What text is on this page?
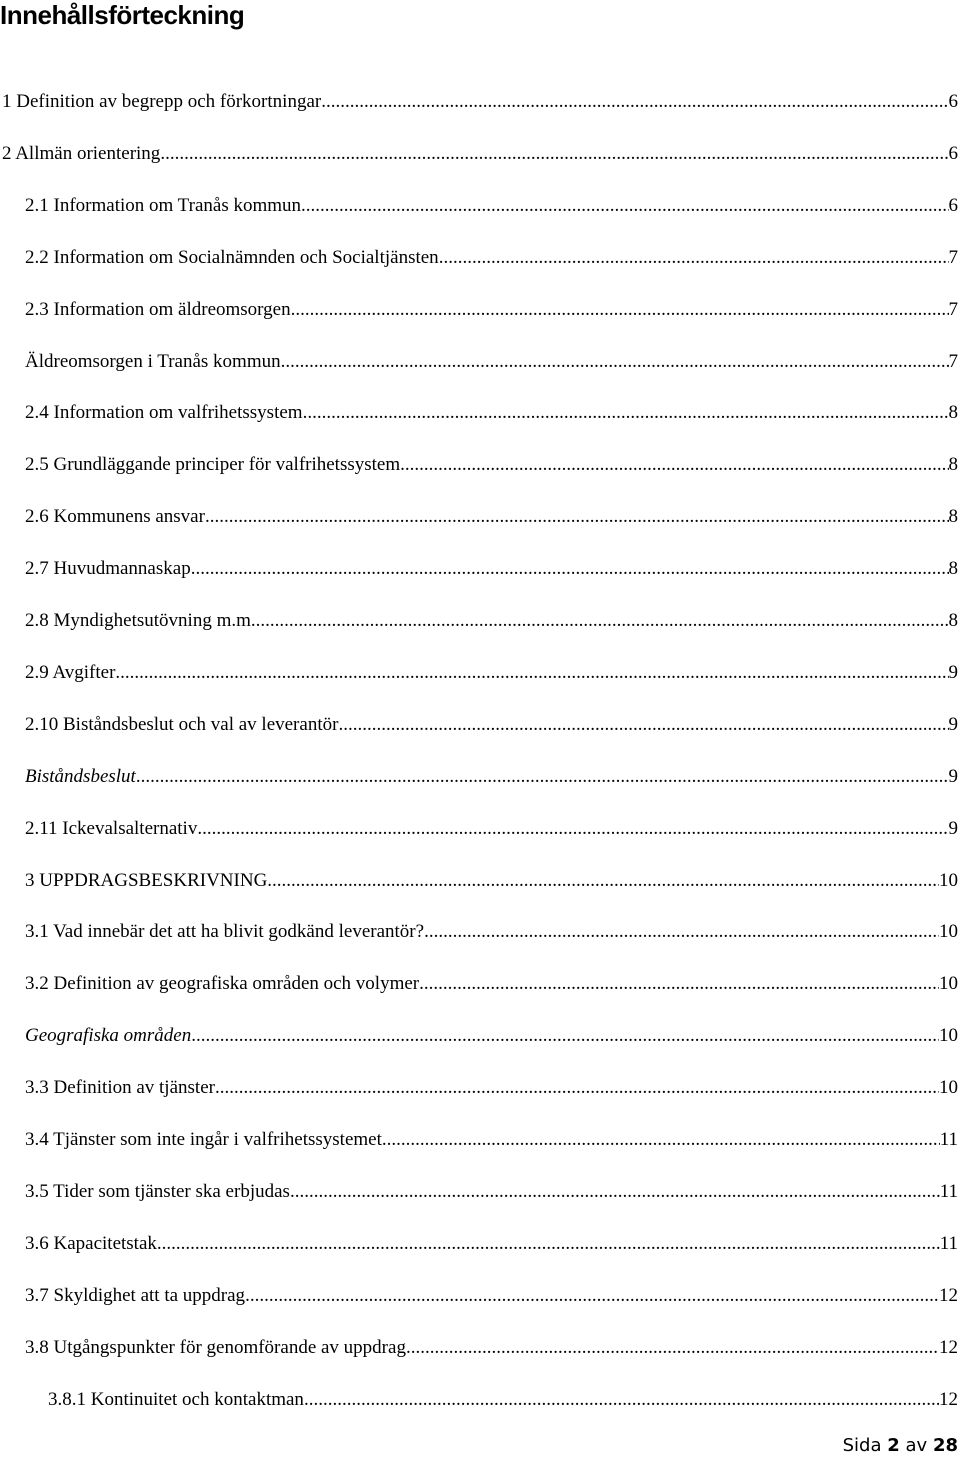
Innehållsförteckning
1 Definition av begrepp och förkortningar .....	6
2 Allmän orientering .....	6
2.1 Information om Tranås kommun .....	6
2.2 Information om Socialnämnden och Socialtjänsten .....	7
2.3 Information om äldreomsorgen .....	7
Äldreomsorgen i Tranås kommun .....	7
2.4 Information om valfrihetssystem .....	8
2.5 Grundläggande principer för valfrihetssystem .....	8
2.6 Kommunens ansvar .....	8
2.7 Huvudmannaskap .....	8
2.8 Myndighetsutövning m.m. .....	8
2.9 Avgifter .....	9
2.10 Biståndsbeslut och val av leverantör .....	9
Biståndsbeslut .....	9
2.11 Ickevalsalternativ .....	9
3 UPPDRAGSBESKRIVNING .....	10
3.1 Vad innebär det att ha blivit godkänd leverantör? .....	10
3.2 Definition av geografiska områden och volymer .....	10
Geografiska områden .....	10
3.3 Definition av tjänster .....	10
3.4 Tjänster som inte ingår i valfrihetssystemet .....	11
3.5 Tider som tjänster ska erbjudas .....	11
3.6 Kapacitetstak .....	11
3.7 Skyldighet att ta uppdrag .....	12
3.8 Utgångspunkter för genomförande av uppdrag .....	12
3.8.1 Kontinuitet och kontaktman .....	12
Sida 2 av 28
